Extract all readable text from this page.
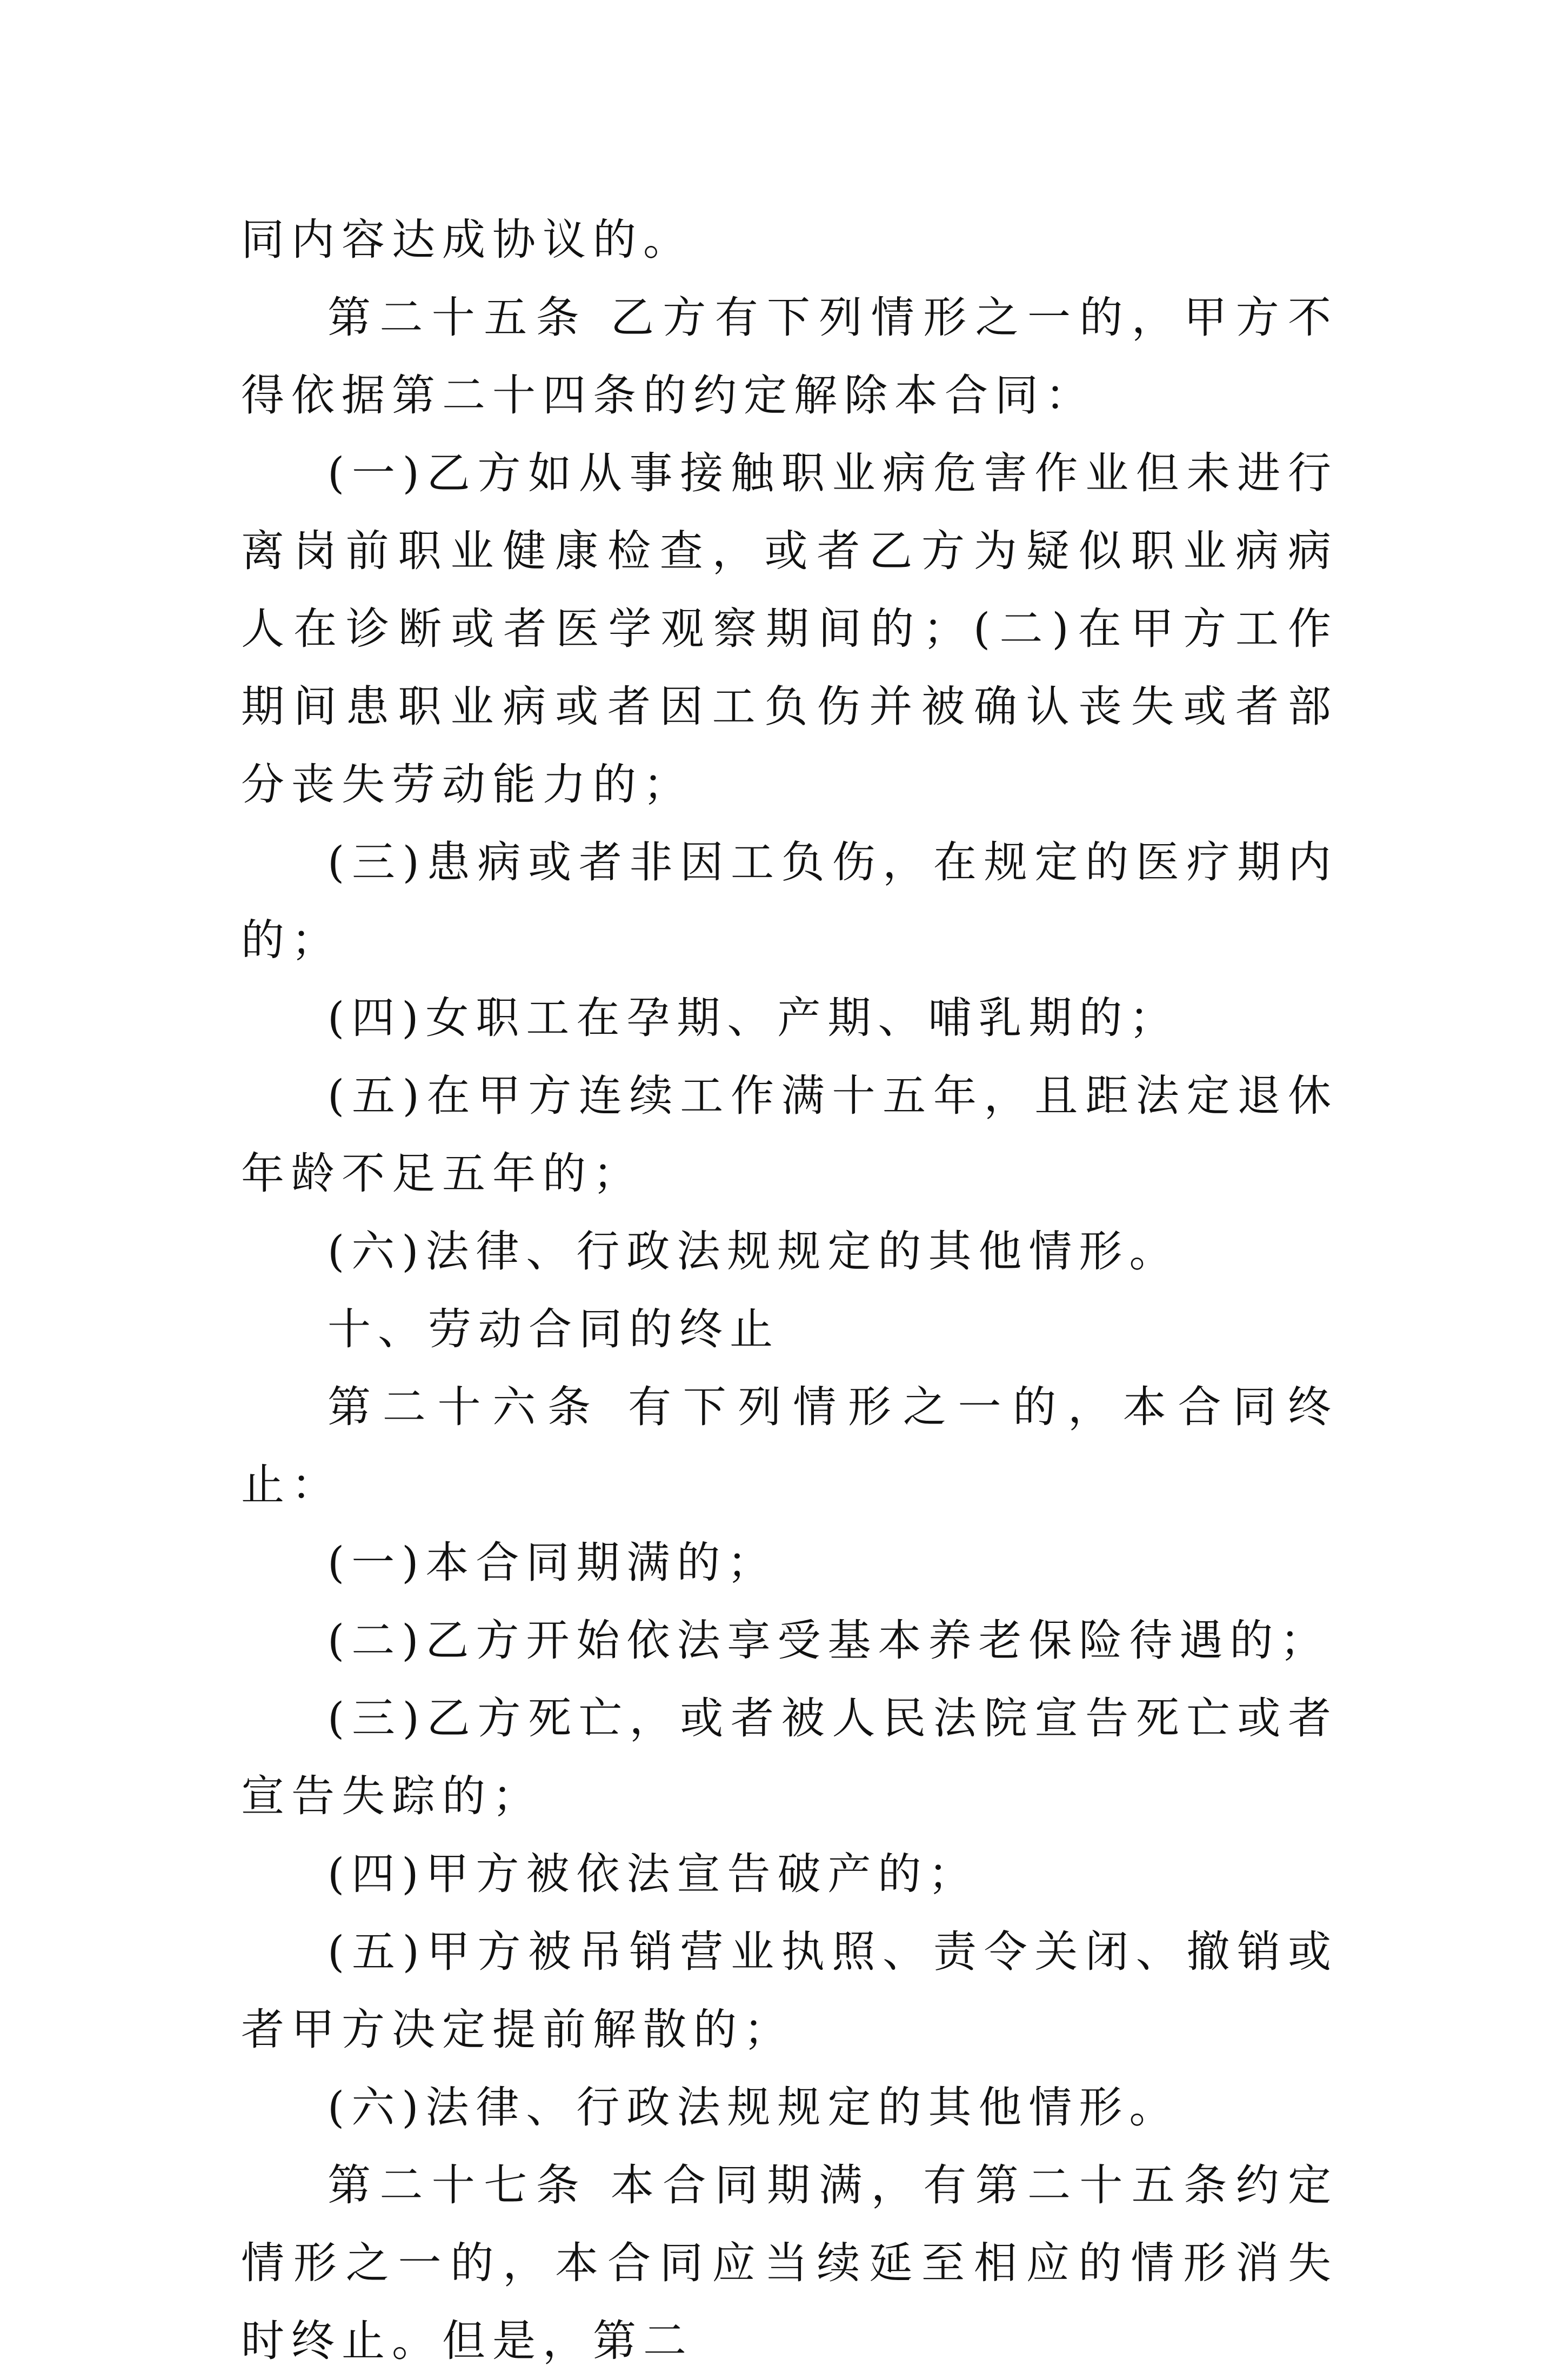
同内容达成协议的。

第二十五条 乙方有下列情形之一的，甲方不得依据第二十四条的约定解除本合同：

(一)乙方如从事接触职业病危害作业但未进行离岗前职业健康检查，或者乙方为疑似职业病病人在诊断或者医学观察期间的；(二)在甲方工作期间患职业病或者因工负伤并被确认丧失或者部分丧失劳动能力的；

(三)患病或者非因工负伤，在规定的医疗期内的；

(四)女职工在孕期、产期、哺乳期的；

(五)在甲方连续工作满十五年，且距法定退休年龄不足五年的；

(六)法律、行政法规规定的其他情形。

十、劳动合同的终止

第二十六条 有下列情形之一的，本合同终止：

(一)本合同期满的；

(二)乙方开始依法享受基本养老保险待遇的；

(三)乙方死亡，或者被人民法院宣告死亡或者宣告失踪的；

(四)甲方被依法宣告破产的；

(五)甲方被吊销营业执照、责令关闭、撤销或者甲方决定提前解散的；

(六)法律、行政法规规定的其他情形。

第二十七条 本合同期满，有第二十五条约定情形之一的，本合同应当续延至相应的情形消失时终止。但是，第二
